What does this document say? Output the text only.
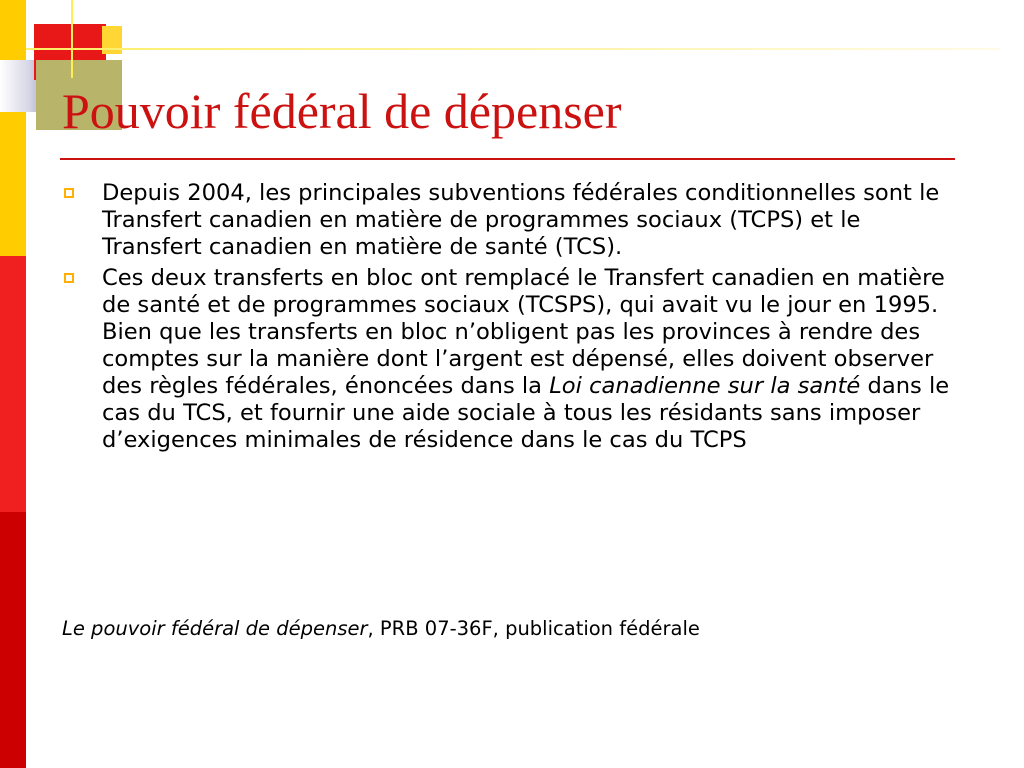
Pouvoir fédéral de dépenser
Depuis 2004, les principales subventions fédérales conditionnelles sont le Transfert canadien en matière de programmes sociaux (TCPS) et le Transfert canadien en matière de santé (TCS).
Ces deux transferts en bloc ont remplacé le Transfert canadien en matière de santé et de programmes sociaux (TCSPS), qui avait vu le jour en 1995. Bien que les transferts en bloc n’obligent pas les provinces à rendre des comptes sur la manière dont l’argent est dépensé, elles doivent observer des règles fédérales, énoncées dans la Loi canadienne sur la santé dans le cas du TCS, et fournir une aide sociale à tous les résidants sans imposer d’exigences minimales de résidence dans le cas du TCPS

Le pouvoir fédéral de dépenser, PRB 07-36F, publication fédérale
